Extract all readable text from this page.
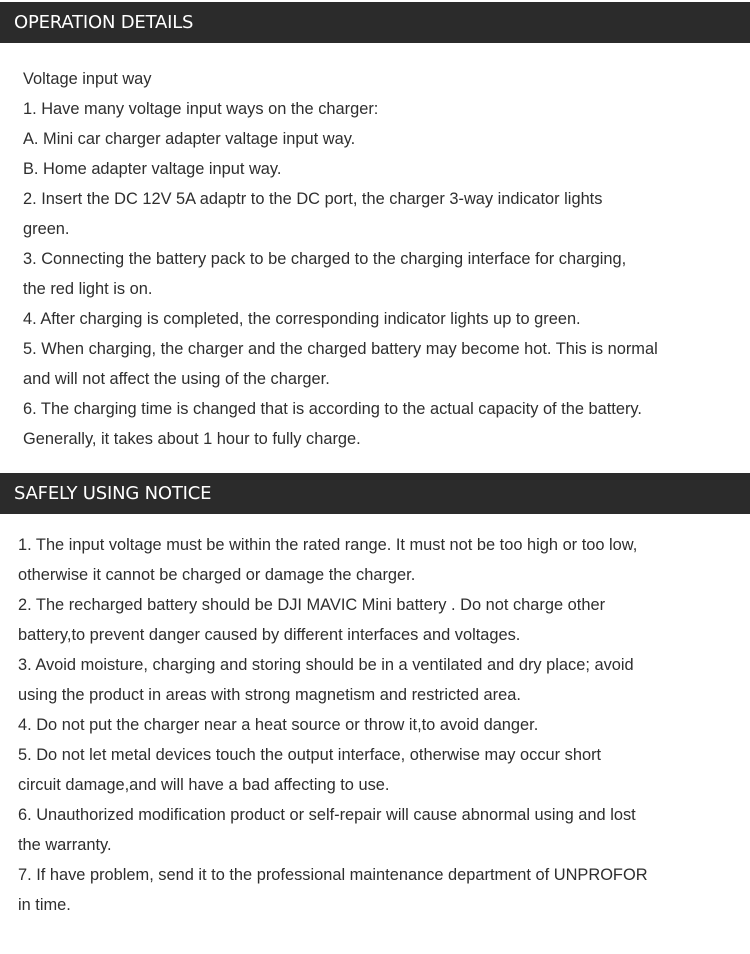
OPERATION DETAILS
Voltage input way
1. Have many voltage input ways on the charger:
A. Mini car charger adapter valtage input way.
B. Home adapter valtage input way.
2. Insert the DC 12V 5A adaptr to the DC port, the charger 3-way indicator lights
green.
3. Connecting the battery pack to be charged to the charging interface for charging,
the red light is on.
4. After charging is completed, the corresponding indicator lights up to green.
5. When charging, the charger and the charged battery may become hot. This is normal
and will not affect the using of the charger.
6. The charging time is changed that is according to the actual capacity of the battery.
Generally, it takes about 1 hour to fully charge.
SAFELY USING NOTICE
1. The input voltage must be within the rated range. It must not be too high or too low,
otherwise it cannot be charged or damage the charger.
2. The recharged battery should be DJI MAVIC Mini battery . Do not charge other
battery,to prevent danger caused by different interfaces and voltages.
3. Avoid moisture, charging and storing should be in a ventilated and dry place; avoid
using the product in areas with strong magnetism and restricted area.
4. Do not put the charger near a heat source or throw it,to avoid danger.
5. Do not let metal devices touch the output interface, otherwise may occur short
circuit damage,and will have a bad affecting to use.
6. Unauthorized modification product or self-repair will cause abnormal using and lost
the warranty.
7. If have problem, send it to the professional maintenance department of UNPROFOR
in time.
